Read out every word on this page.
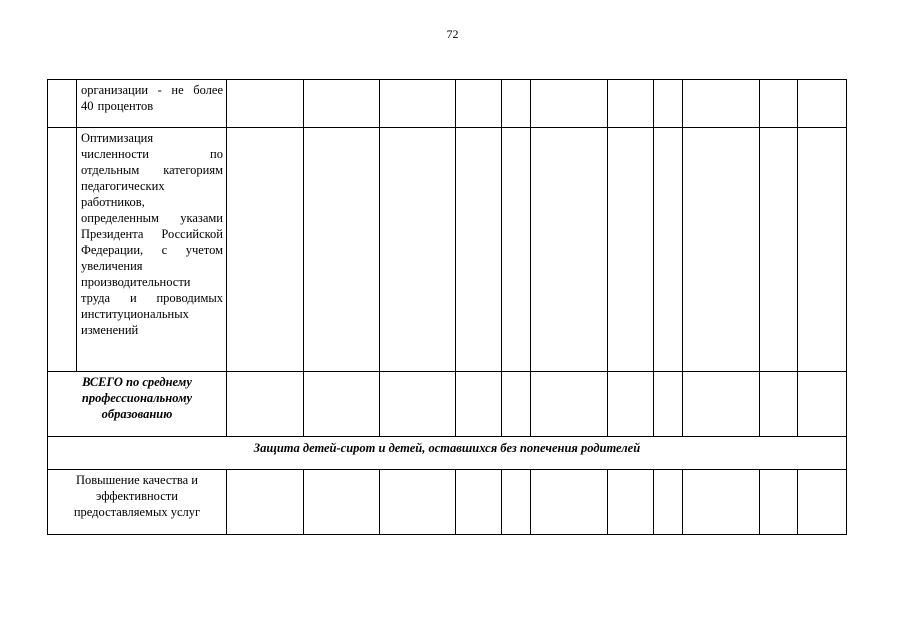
72

	организации - не более 40 процентов											

	Оптимизация численности по отдельным категориям педагогических работников, определенным указами Президента Российской Федерации, с учетом увеличения производительности труда и проводимых институциональных изменений											

ВСЕГО по среднему профессиональному образованию												

Защита детей-сирот и детей, оставшихся без попечения родителей												

Повышение качества и эффективности предоставляемых услуг												
